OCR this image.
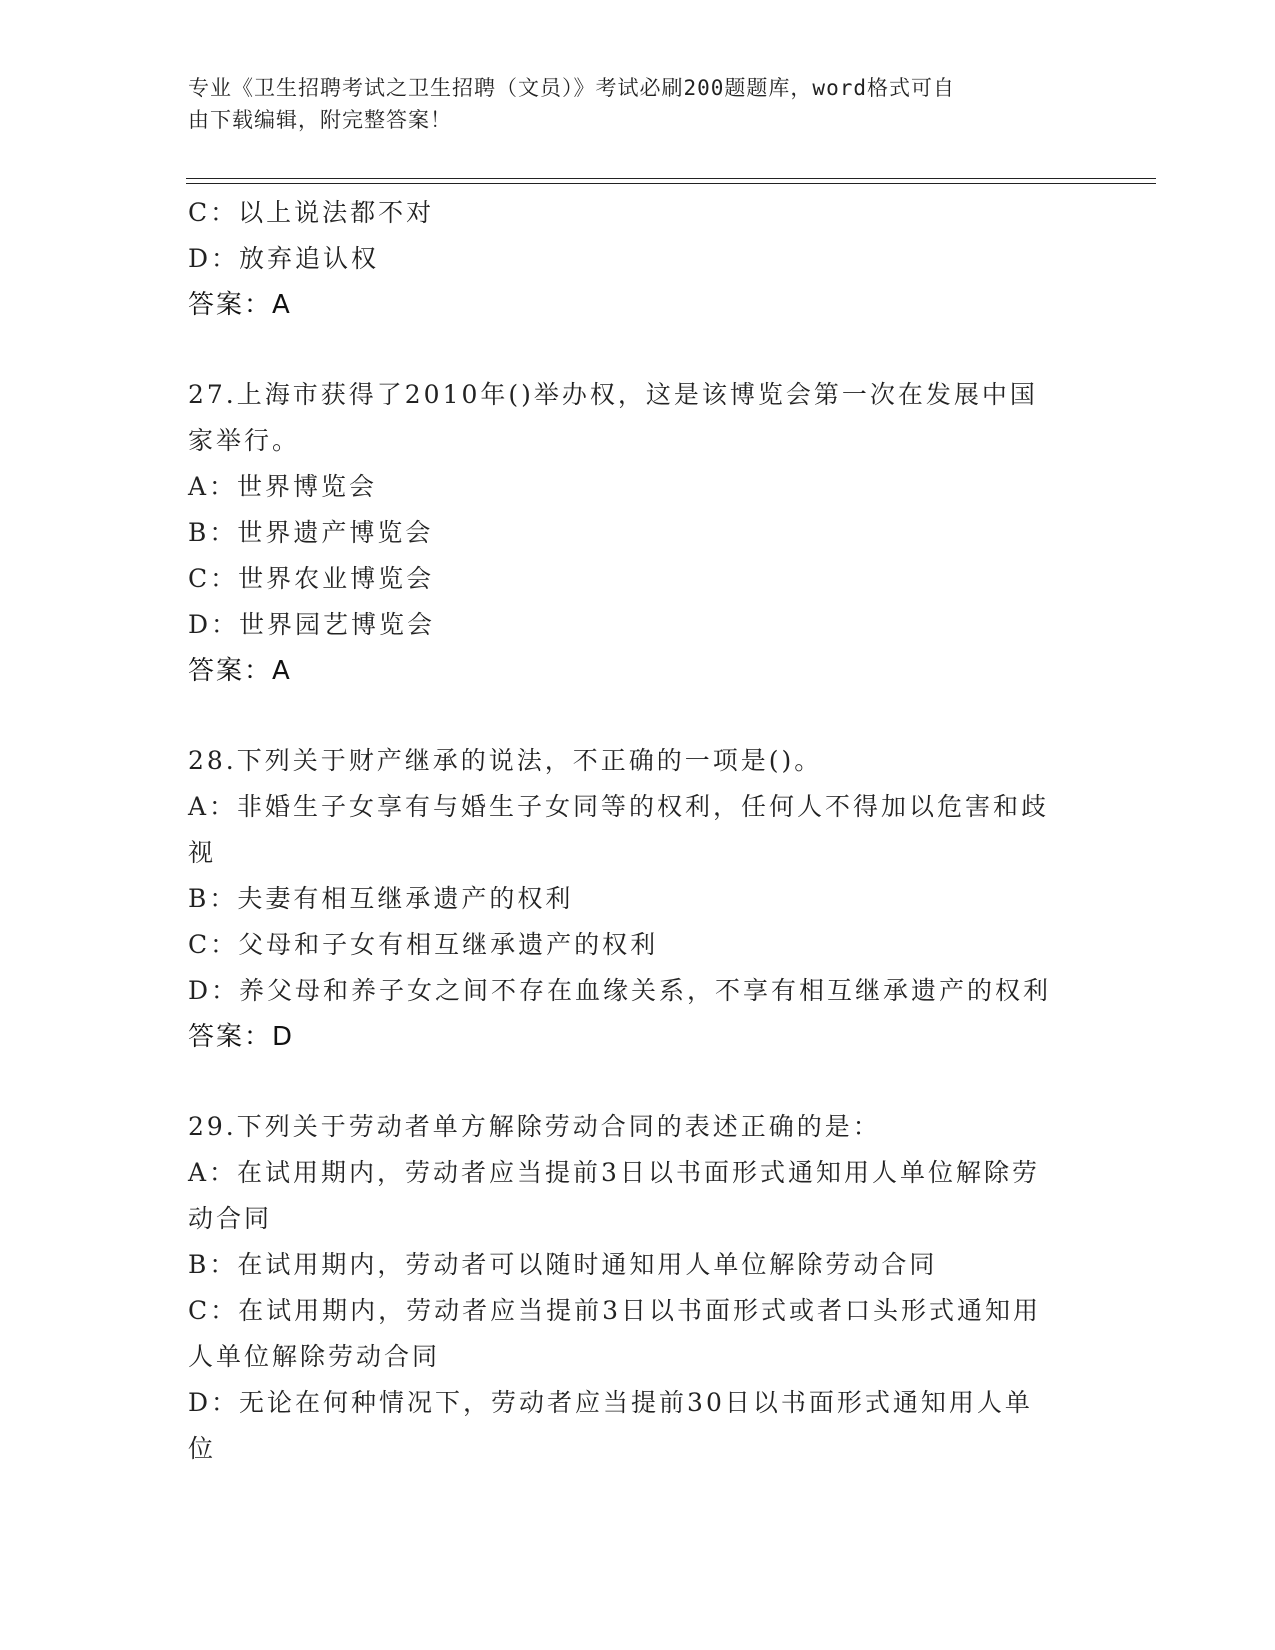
专业《卫生招聘考试之卫生招聘（文员）》考试必刷200题题库，word格式可自
由下载编辑，附完整答案！
C：以上说法都不对
D：放弃追认权
答案：A
27.上海市获得了2010年()举办权，这是该博览会第一次在发展中国
家举行。
A：世界博览会
B：世界遗产博览会
C：世界农业博览会
D：世界园艺博览会
答案：A
28.下列关于财产继承的说法，不正确的一项是()。
A：非婚生子女享有与婚生子女同等的权利，任何人不得加以危害和歧
视
B：夫妻有相互继承遗产的权利
C：父母和子女有相互继承遗产的权利
D：养父母和养子女之间不存在血缘关系，不享有相互继承遗产的权利
答案：D
29.下列关于劳动者单方解除劳动合同的表述正确的是：
A：在试用期内，劳动者应当提前3日以书面形式通知用人单位解除劳
动合同
B：在试用期内，劳动者可以随时通知用人单位解除劳动合同
C：在试用期内，劳动者应当提前3日以书面形式或者口头形式通知用
人单位解除劳动合同
D：无论在何种情况下，劳动者应当提前30日以书面形式通知用人单
位
